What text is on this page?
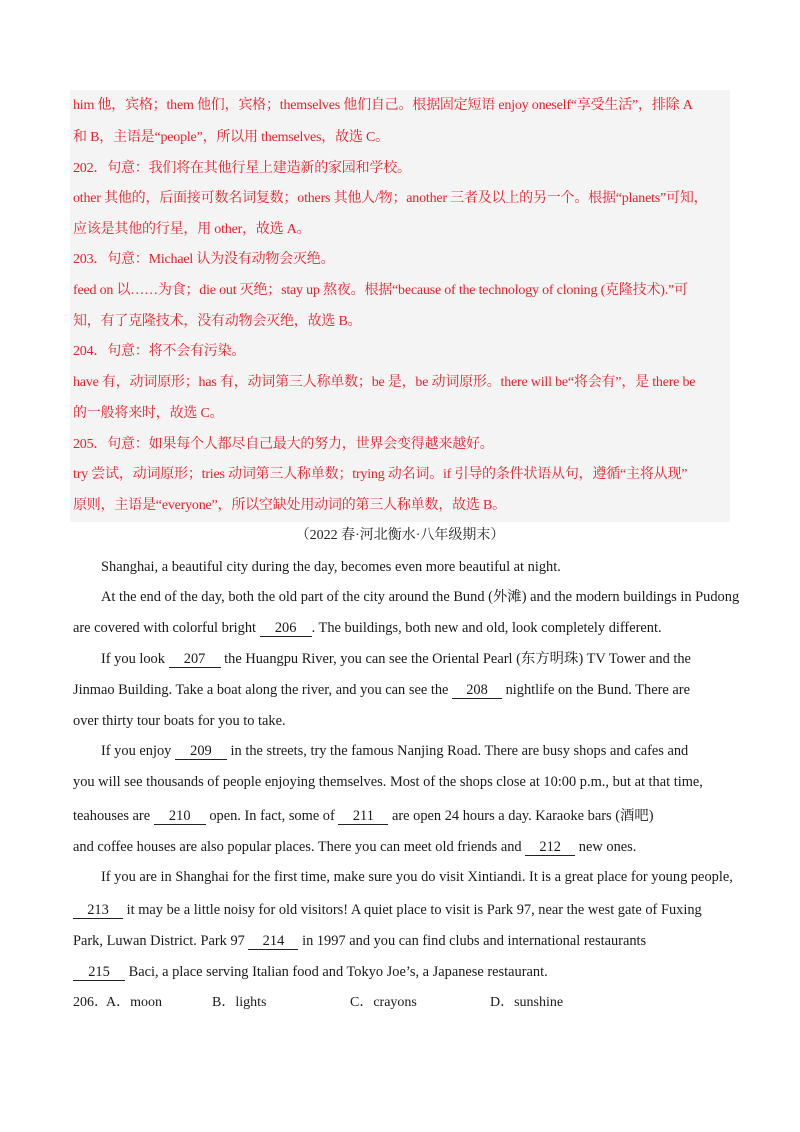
him 他，宾格；them 他们，宾格；themselves 他们自己。根据固定短语 enjoy oneself“享受生活”，排除 A
和 B，主语是“people”，所以用 themselves，故选 C。
202．句意：我们将在其他行星上建造新的家园和学校。
other 其他的，后面接可数名词复数；others 其他人/物；another 三者及以上的另一个。根据“planets”可知，
应该是其他的行星，用 other，故选 A。
203．句意：Michael 认为没有动物会灭绝。
feed on 以……为食；die out 灭绝；stay up 熬夜。根据“because of the technology of cloning (克隆技术).”可
知，有了克隆技术，没有动物会灭绝，故选 B。
204．句意：将不会有污染。
have 有，动词原形；has 有，动词第三人称单数；be 是，be 动词原形。there will be“将会有”，是 there be
的一般将来时，故选 C。
205．句意：如果每个人都尽自己最大的努力，世界会变得越来越好。
try 尝试，动词原形；tries 动词第三人称单数；trying 动名词。if 引导的条件状语从句，遵循“主将从现”
原则，主语是“everyone”，所以空缺处用动词的第三人称单数，故选 B。
（2022 春·河北衡水·八年级期末）
Shanghai, a beautiful city during the day, becomes even more beautiful at night.
At the end of the day, both the old part of the city around the Bund (外滩) and the modern buildings in Pudong
are covered with colorful bright 206 . The buildings, both new and old, look completely different.
If you look 207 the Huangpu River, you can see the Oriental Pearl (东方明珠) TV Tower and the
Jinmao Building. Take a boat along the river, and you can see the 208 nightlife on the Bund. There are
over thirty tour boats for you to take.
If you enjoy 209 in the streets, try the famous Nanjing Road. There are busy shops and cafes and
you will see thousands of people enjoying themselves. Most of the shops close at 10:00 p.m., but at that time,
teahouses are 210 open. In fact, some of 211 are open 24 hours a day. Karaoke bars (酒吧)
and coffee houses are also popular places. There you can meet old friends and 212 new ones.
If you are in Shanghai for the first time, make sure you do visit Xintiandi. It is a great place for young people,
213 it may be a little noisy for old visitors! A quiet place to visit is Park 97, near the west gate of Fuxing
Park, Luwan District. Park 97 214 in 1997 and you can find clubs and international restaurants
215 Baci, a place serving Italian food and Tokyo Joe’s, a Japanese restaurant.
206．
A．moon	B．lights	C．crayons	D．sunshine
